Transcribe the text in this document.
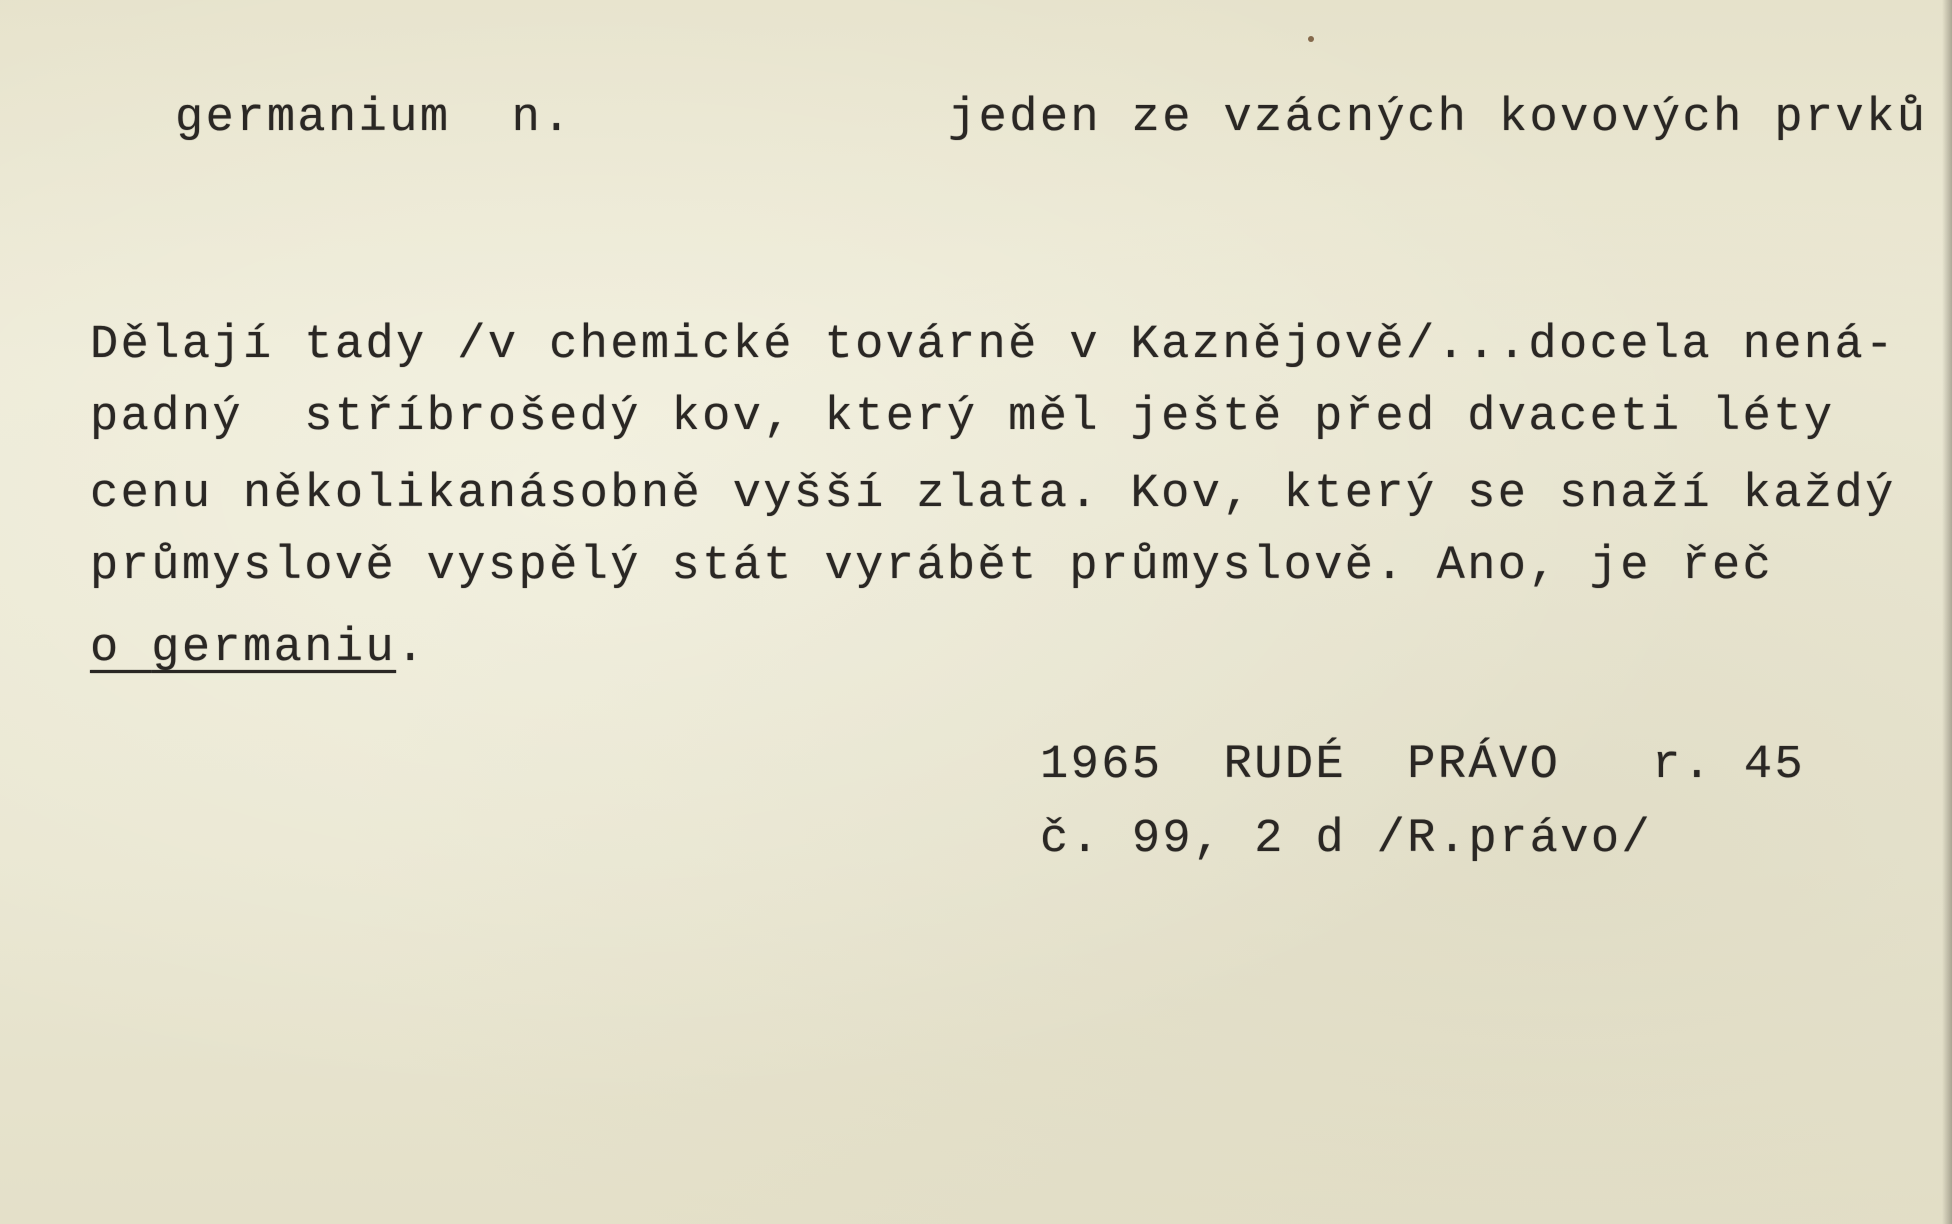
germanium n.	jeden ze vzácných kovových prvků
Dělají tady /v chemické továrně v Kaznějově/...docela nená-
padný  stříbrošedý kov, který měl ještě před dvaceti léty
cenu několikanásobně vyšší zlata. Kov, který se snaží každý
průmyslově vyspělý stát vyrábět průmyslově. Ano, je řeč
o germaniu.
1965  RUDÉ  PRÁVO   r. 45
č. 99, 2 d /R.právo/
